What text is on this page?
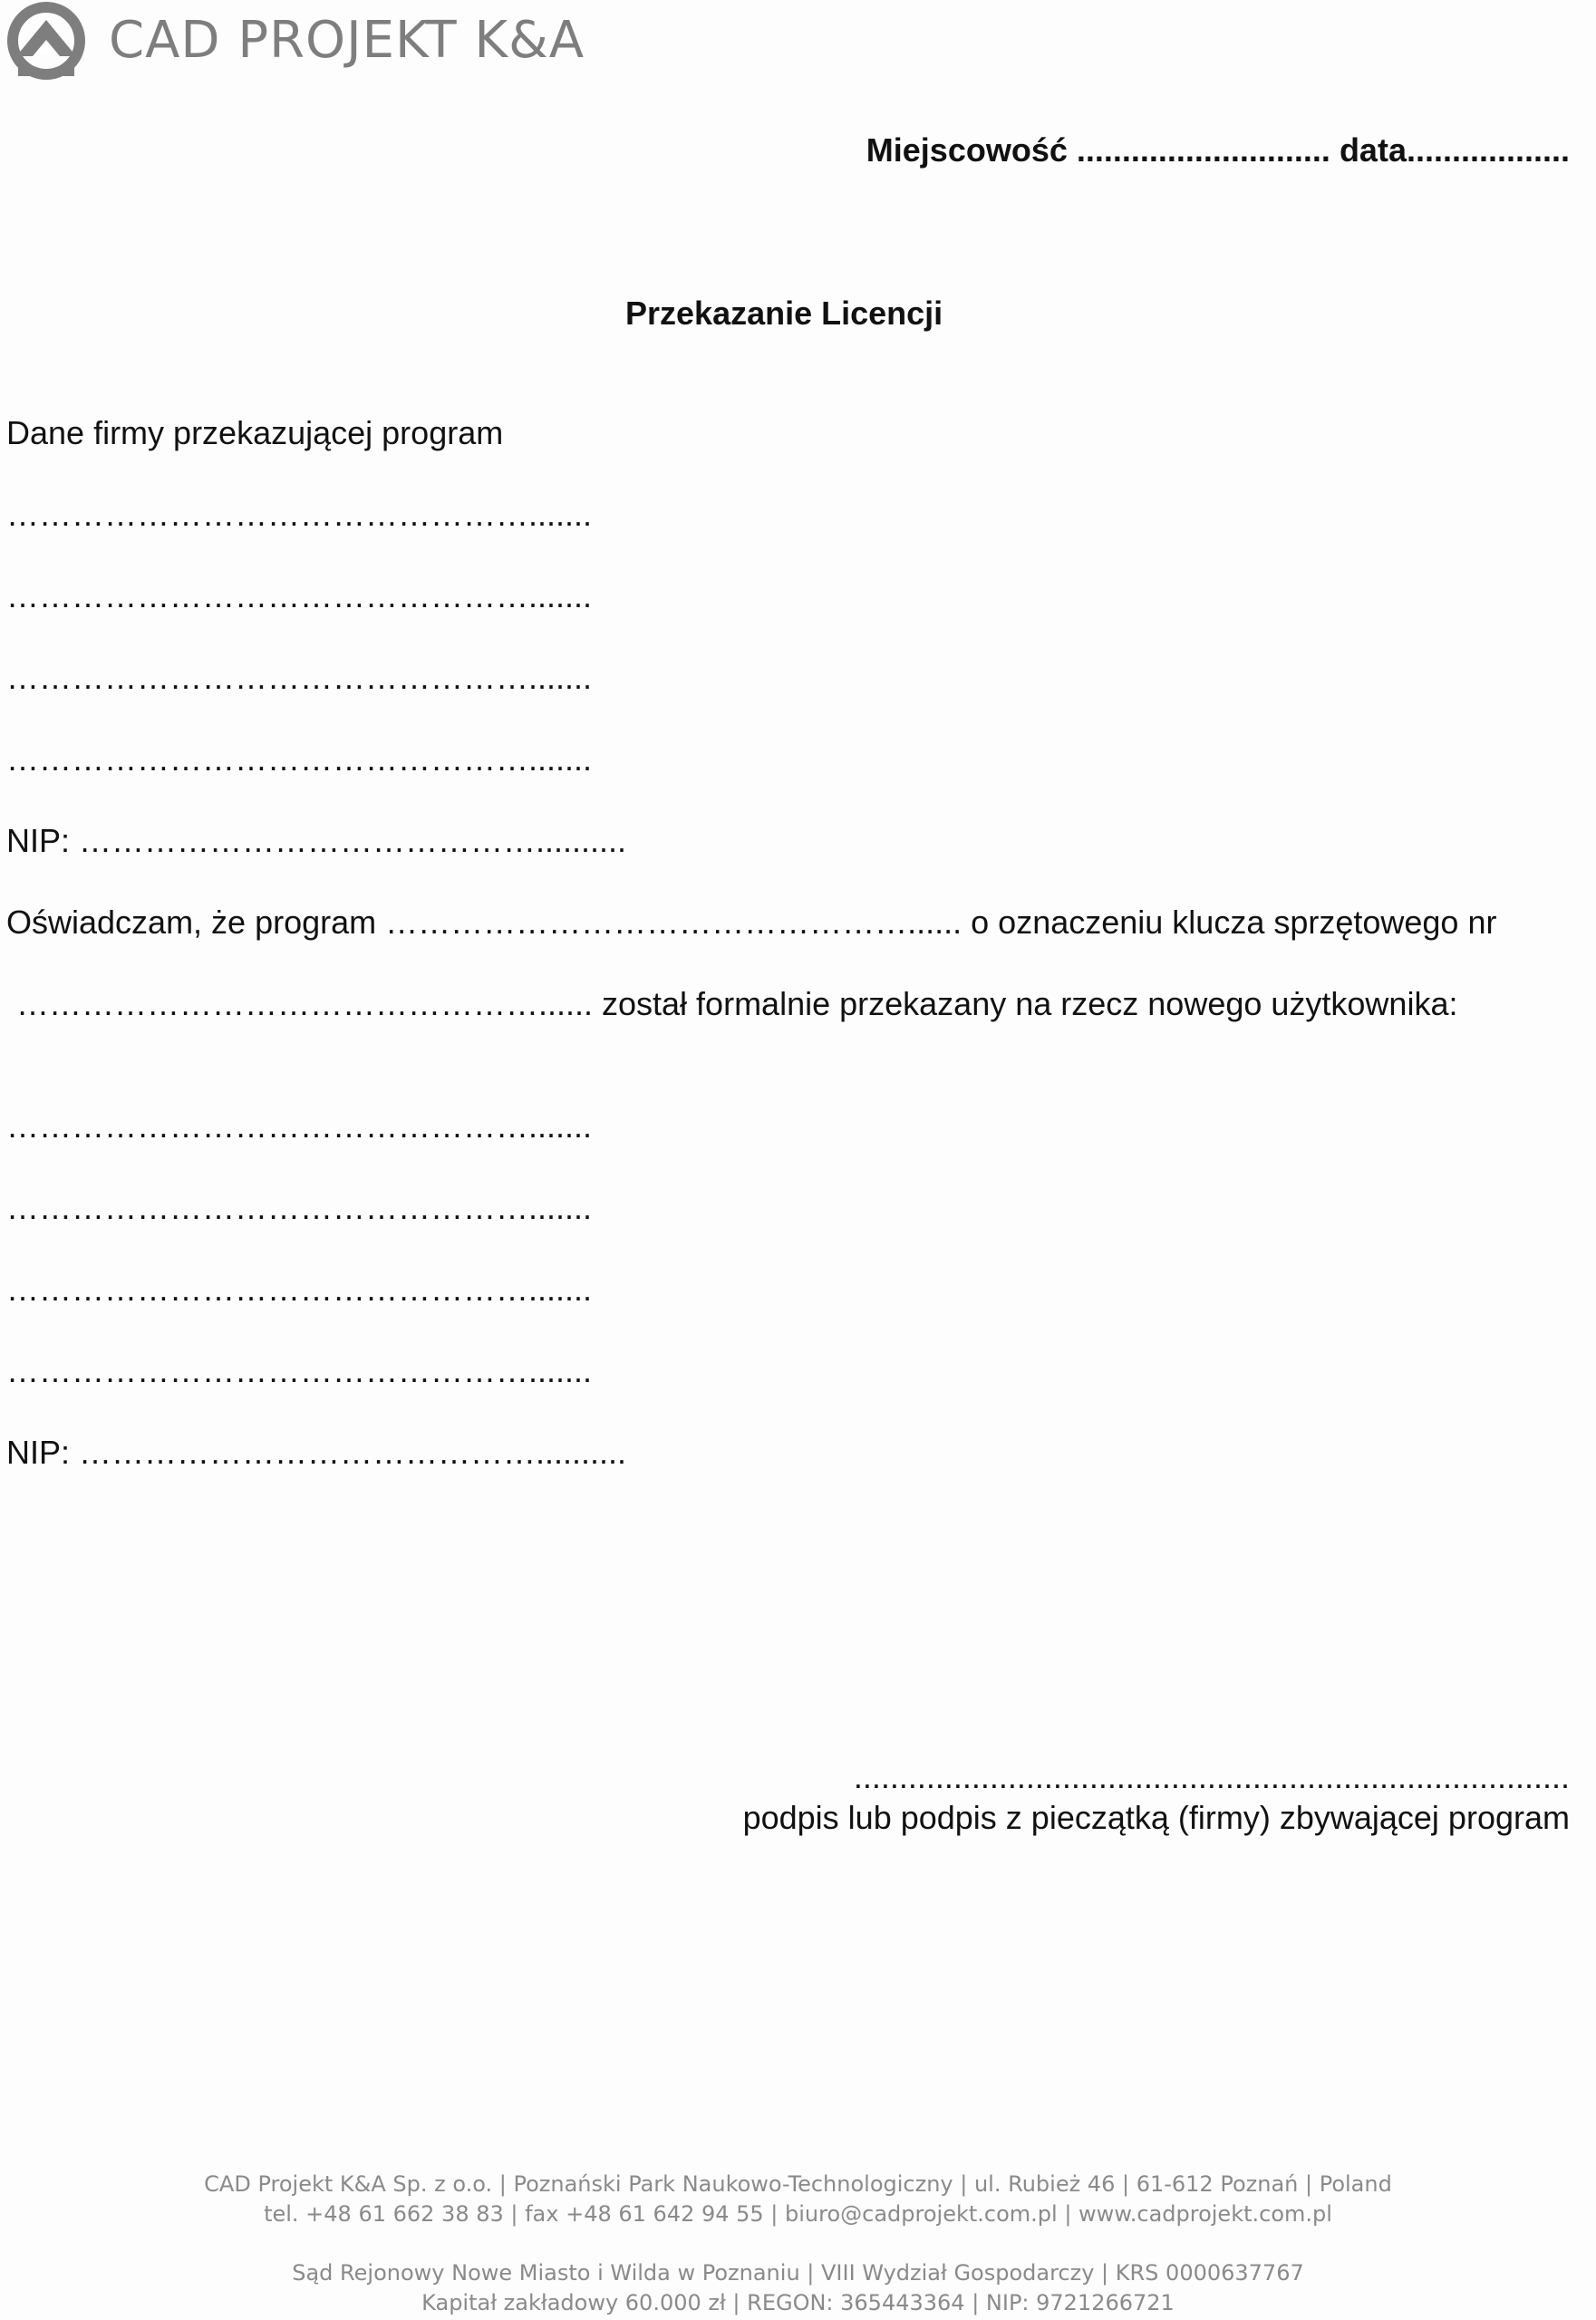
CAD PROJEKT K&A
Miejscowość ............................ data..................
Przekazanie Licencji
Dane firmy przekazującej program
………………………………………….......
………………………………………….......
………………………………………….......
………………………………………….......
NIP: ……………………………………..........
Oświadczam, że program …………………………………………...... o oznaczeniu klucza sprzętowego nr
…………………………………………...... został formalnie przekazany na rzecz nowego użytkownika:
………………………………………….......
………………………………………….......
………………………………………….......
………………………………………….......
NIP: ……………………………………..........
...............................................................................
podpis lub podpis z pieczątką (firmy) zbywającej program
CAD Projekt K&A Sp. z o.o. | Poznański Park Naukowo-Technologiczny | ul. Rubież 46 | 61-612 Poznań | Poland
tel. +48 61 662 38 83 | fax +48 61 642 94 55 | biuro@cadprojekt.com.pl | www.cadprojekt.com.pl
Sąd Rejonowy Nowe Miasto i Wilda w Poznaniu | VIII Wydział Gospodarczy | KRS 0000637767
Kapitał zakładowy 60.000 zł | REGON: 365443364 | NIP: 9721266721
